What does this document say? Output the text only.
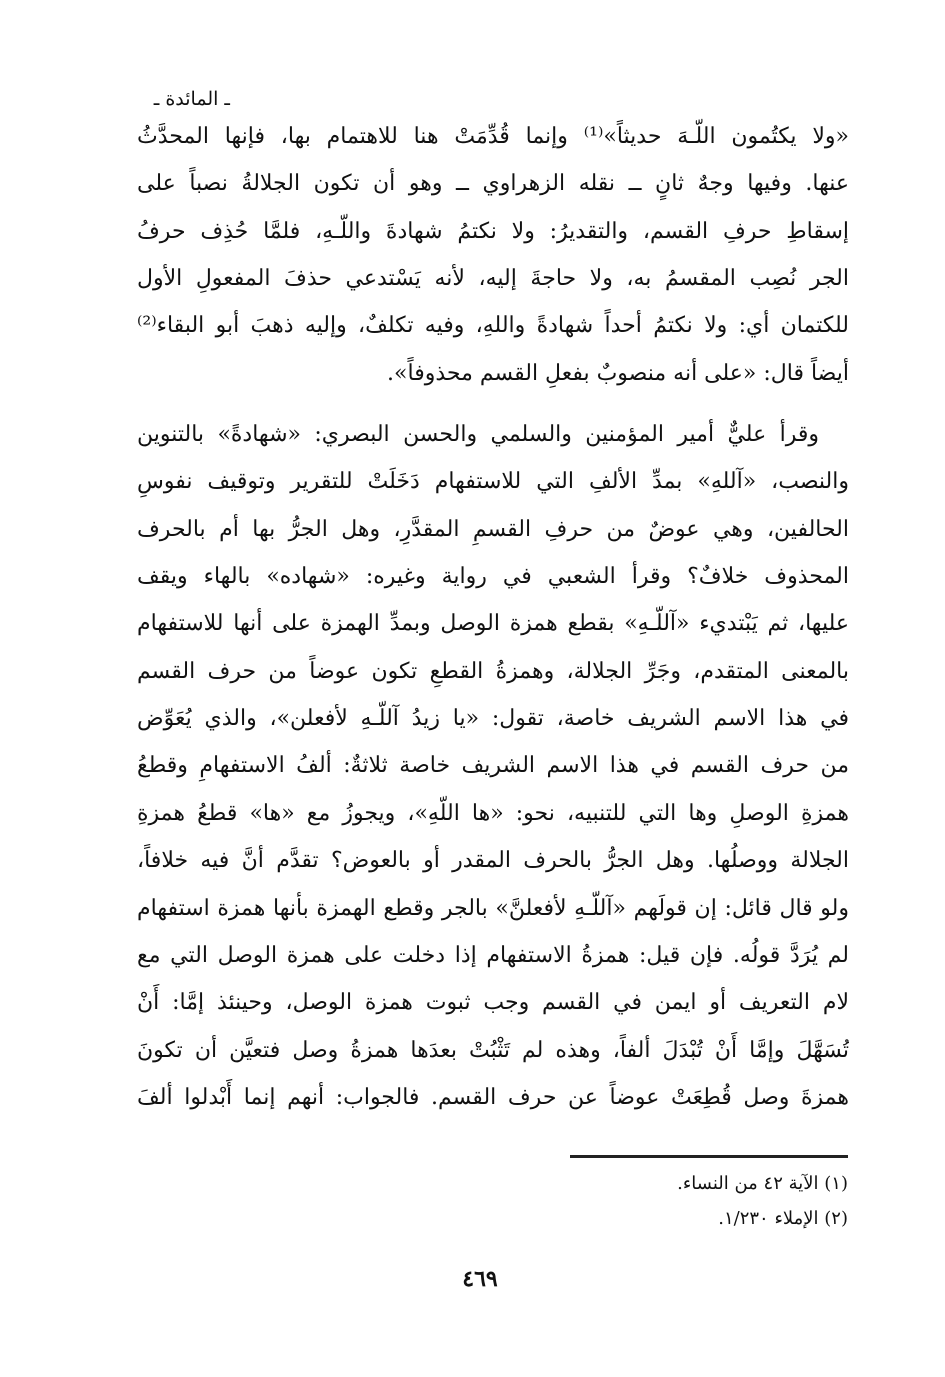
ـ المائدة ـ
«ولا يكتُمون اللّـهَ حديثاً»⁽¹⁾ وإنما قُدِّمَتْ هنا للاهتمام بها، فإنها المحدَّثُ
عنها. وفيها وجهٌ ثانٍ ــ نقله الزهراوي ــ وهو أن تكون الجلالةُ نصباً على
إسقاطِ حرفِ القسم، والتقديرُ: ولا نكتمُ شهادةَ واللّـهِ، فلمَّا حُذِف حرفُ
الجر نُصِب المقسمُ به، ولا حاجةَ إليه، لأنه يَسْتدعي حذفَ المفعولِ الأول
للكتمان أي: ولا نكتمُ أحداً شهادةً واللهِ، وفيه تكلفٌ، وإليه ذهبَ أبو البقاء⁽²⁾
أيضاً قال: «على أنه منصوبٌ بفعلِ القسم محذوفاً».
وقرأ عليٌّ أمير المؤمنين والسلمي والحسن البصري: «شهادةً» بالتنوين
والنصب، «آللهِ» بمدِّ الألفِ التي للاستفهام دَخَلَتْ للتقرير وتوقيف نفوسِ
الحالفين، وهي عوضٌ من حرفِ القسمِ المقدَّرِ، وهل الجرُّ بها أم بالحرف
المحذوف خلافٌ؟ وقرأ الشعبي في رواية وغيره: «شهاده» بالهاء ويقف
عليها، ثم يَبْتديء «آللّـهِ» بقطع همزة الوصل وبمدِّ الهمزة على أنها للاستفهام
بالمعنى المتقدم، وجَرِّ الجلالة، وهمزةُ القطعِ تكون عوضاً من حرف القسم
في هذا الاسم الشريف خاصة، تقول: «يا زيدُ آللّـهِ لأفعلن»، والذي يُعَوِّض
من حرف القسم في هذا الاسم الشريف خاصة ثلاثةٌ: ألفُ الاستفهامِ وقطعُ
همزةِ الوصلِ وها التي للتنبيه، نحو: «ها اللّهِ»، ويجوزُ مع «ها» قطعُ همزةِ
الجلالة ووصلُها. وهل الجرُّ بالحرف المقدر أو بالعوض؟ تقدَّم أنَّ فيه خلافاً،
ولو قال قائل: إن قولَهم «آللّـهِ لأفعلنَّ» بالجر وقطع الهمزة بأنها همزة استفهام
لم يُرَدَّ قولُه. فإن قيل: همزةُ الاستفهام إذا دخلت على همزة الوصل التي مع
لام التعريف أو ايمن في القسم وجب ثبوت همزة الوصل، وحينئذ إمَّا: أَنْ
تُسَهَّلَ وإمَّا أَنْ تُبْدَلَ ألفاً، وهذه لم تَثْبُتْ بعدَها همزةُ وصل فتعيَّن أن تكونَ
همزةَ وصل قُطِعَتْ عوضاً عن حرف القسم. فالجواب: أنهم إنما أَبْدلوا ألفَ
(١) الآية ٤٢ من النساء.
(٢) الإملاء ١/٢٣٠.
٤٦٩
